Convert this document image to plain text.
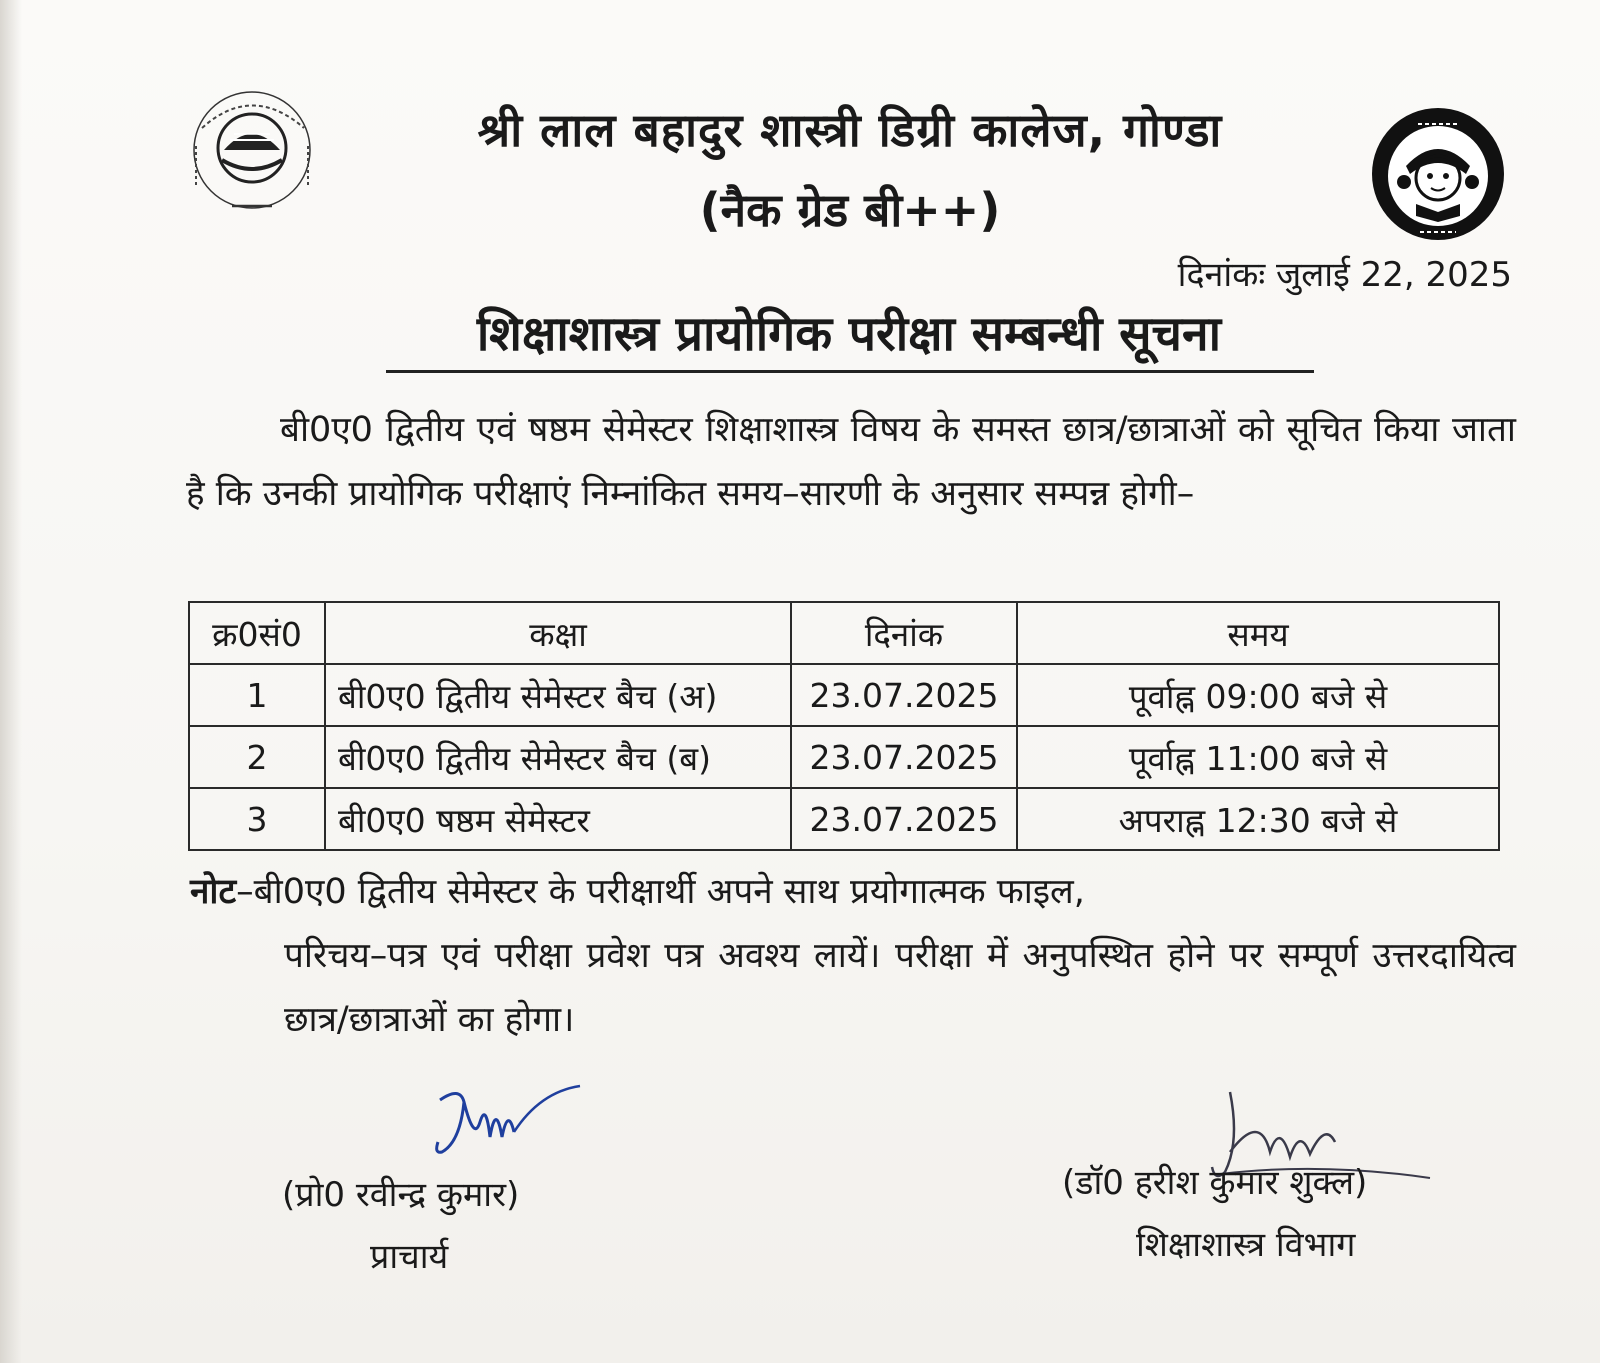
श्री लाल बहादुर शास्त्री डिग्री कालेज, गोण्डा
(नैक ग्रेड बी++)
दिनांकः जुलाई 22, 2025
शिक्षाशास्त्र प्रायोगिक परीक्षा सम्बन्धी सूचना
बी0ए0 द्वितीय एवं षष्ठम सेमेस्टर शिक्षाशास्त्र विषय के समस्त छात्र/छात्राओं को सूचित किया जाता है कि उनकी प्रायोगिक परीक्षाएं निम्नांकित समय–सारणी के अनुसार सम्पन्न होगी–
क्र0सं0	कक्षा	दिनांक	समय
1	बी0ए0 द्वितीय सेमेस्टर बैच (अ)	23.07.2025	पूर्वाह्न 09:00 बजे से
2	बी0ए0 द्वितीय सेमेस्टर बैच (ब)	23.07.2025	पूर्वाह्न 11:00 बजे से
3	बी0ए0 षष्ठम सेमेस्टर	23.07.2025	अपराह्न 12:30 बजे से
नोट–बी0ए0 द्वितीय सेमेस्टर के परीक्षार्थी अपने साथ प्रयोगात्मक फाइल,
परिचय–पत्र एवं परीक्षा प्रवेश पत्र अवश्य लायें। परीक्षा में अनुपस्थित होने पर सम्पूर्ण उत्तरदायित्व छात्र/छात्राओं का होगा।
(प्रो0 रवीन्द्र कुमार)
प्राचार्य
(डॉ0 हरीश कुमार शुक्ल)
शिक्षाशास्त्र विभाग
